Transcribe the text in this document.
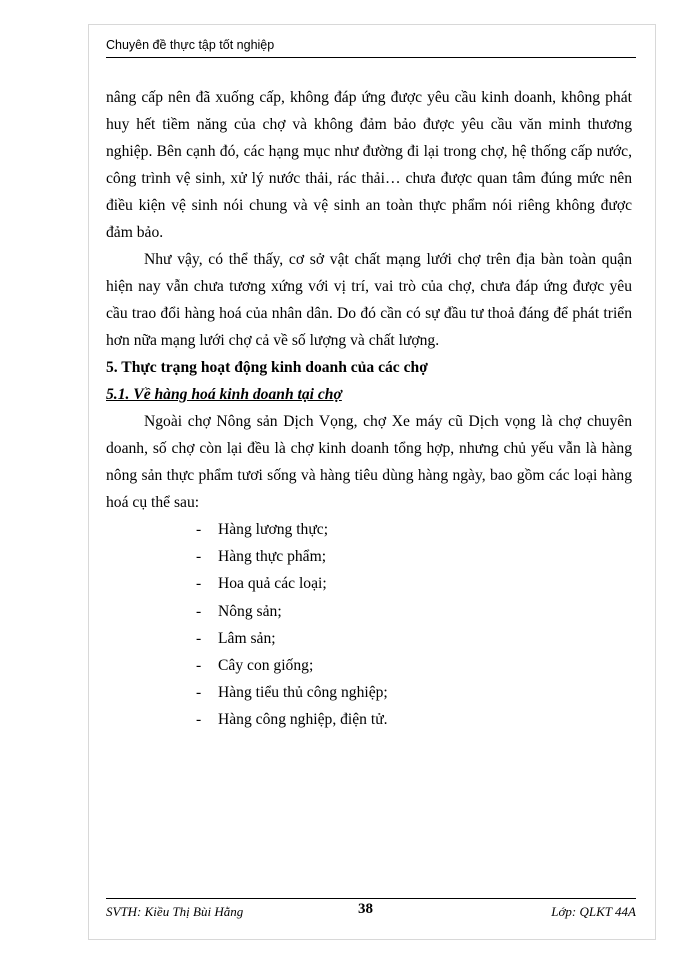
Chuyên đề thực tập tốt nghiệp

nâng cấp nên đã xuống cấp, không đáp ứng được yêu cầu kinh doanh, không phát huy hết tiềm năng của chợ và không đảm bảo được yêu cầu văn minh thương nghiệp. Bên cạnh đó, các hạng mục như đường đi lại trong chợ, hệ thống cấp nước, công trình vệ sinh, xử lý nước thải, rác thải… chưa được quan tâm đúng mức nên điều kiện vệ sinh nói chung và vệ sinh an toàn thực phẩm nói riêng không được đảm bảo.

Như vậy, có thể thấy, cơ sở vật chất mạng lưới chợ trên địa bàn toàn quận hiện nay vẫn chưa tương xứng với vị trí, vai trò của chợ, chưa đáp ứng được yêu cầu trao đổi hàng hoá của nhân dân. Do đó cần có sự đầu tư thoả đáng để phát triển hơn nữa mạng lưới chợ cả về số lượng và chất lượng.

5. Thực trạng hoạt động kinh doanh của các chợ

5.1. Về hàng hoá kinh doanh tại chợ

Ngoài chợ Nông sản Dịch Vọng, chợ Xe máy cũ Dịch vọng là chợ chuyên doanh, số chợ còn lại đều là chợ kinh doanh tổng hợp, nhưng chủ yếu vẫn là hàng nông sản thực phẩm tươi sống và hàng tiêu dùng hàng ngày, bao gồm các loại hàng hoá cụ thể sau:

- Hàng lương thực;
- Hàng thực phẩm;
- Hoa quả các loại;
- Nông sản;
- Lâm sản;
- Cây con giống;
- Hàng tiểu thủ công nghiệp;
- Hàng công nghiệp, điện tử.
SVTH: Kiều Thị Bùi Hằng	38	Lớp: QLKT 44A
